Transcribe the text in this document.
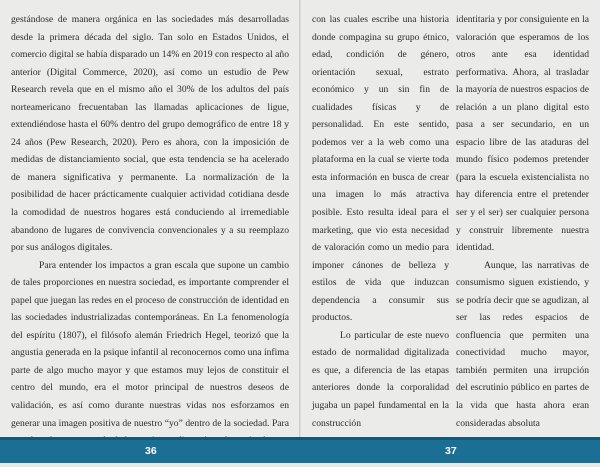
gestándose de manera orgánica en las sociedades más desarrolladas desde la primera década del siglo. Tan solo en Estados Unidos, el comercio digital se había disparado un 14% en 2019 con respecto al año anterior (Digital Commerce, 2020), así como un estudio de Pew Research revela que en el mismo año el 30% de los adultos del país norteamericano frecuentaban las llamadas aplicaciones de ligue, extendiéndose hasta el 60% dentro del grupo demográfico de entre 18 y 24 años (Pew Research, 2020). Pero es ahora, con la imposición de medidas de distanciamiento social, que esta tendencia se ha acelerado de manera significativa y permanente. La normalización de la posibilidad de hacer prácticamente cualquier actividad cotidiana desde la comodidad de nuestros hogares está conduciendo al irremediable abandono de lugares de convivencia convencionales y a su reemplazo por sus análogos digitales.

Para entender los impactos a gran escala que supone un cambio de tales proporciones en nuestra sociedad, es importante comprender el papel que juegan las redes en el proceso de construcción de identidad en las sociedades industrializadas contemporáneas. En La fenomenología del espíritu (1807), el filósofo alemán Friedrich Hegel, teorizó que la angustia generada en la psique infantil al reconocernos como una ínfima parte de algo mucho mayor y que estamos muy lejos de constituir el centro del mundo, era el motor principal de nuestros deseos de validación, es así como durante nuestras vidas nos esforzamos en generar una imagen positiva de nuestro “yo” dentro de la sociedad. Para

con las cuales escribe una historia donde compagina su grupo étnico, edad, condición de género, orientación sexual, estrato económico y un sin fin de cualidades físicas y de personalidad. En este sentido, podemos ver a la web como una plataforma en la cual se vierte toda esta información en busca de crear una imagen lo más atractiva posible. Esto resulta ideal para el marketing, que vio esta necesidad de valoración como un medio para imponer cánones de belleza y estilos de vida que induzcan dependencia a consumir sus productos.

Lo particular de este nuevo estado de normalidad digitalizada es que, a diferencia de las etapas anteriores donde la corporalidad jugaba un papel fundamental en la construcción

identitaria y por consiguiente en la valoración que esperamos de los otros ante esa identidad performativa. Ahora, al trasladar la mayoría de nuestros espacios de relación a un plano digital esto pasa a ser secundario, en un espacio libre de las ataduras del mundo físico podemos pretender (para la escuela existencialista no hay diferencia entre el pretender ser y el ser) ser cualquier persona y construir libremente nuestra identidad.

Aunque, las narrativas de consumismo siguen existiendo, y se podría decir que se agudizan, al ser las redes espacios de confluencia que permiten una conectividad mucho mayor, también permiten una irrupción del escrutinio público en partes de la vida que hasta ahora eran consideradas absoluta

36	37
